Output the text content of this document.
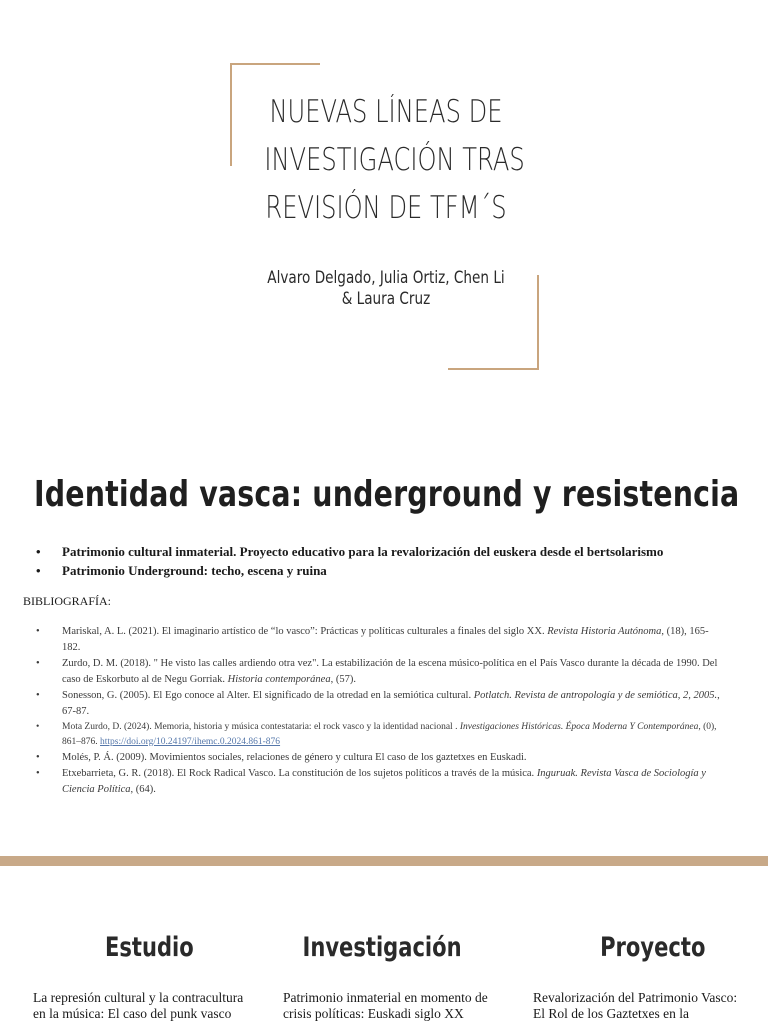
NUEVAS LÍNEAS DE
INVESTIGACIÓN TRAS
REVISIÓN DE TFM´S
Alvaro Delgado, Julia Ortiz, Chen Li
& Laura Cruz
Identidad vasca: underground y resistencia
• Patrimonio cultural inmaterial. Proyecto educativo para la revalorización del euskera desde el bertsolarismo
• Patrimonio Underground: techo, escena y ruina
BIBLIOGRAFÍA:
• Mariskal, A. L. (2021). El imaginario artístico de “lo vasco”: Prácticas y políticas culturales a finales del siglo XX. Revista Historia Autónoma, (18), 165-182.
• Zurdo, D. M. (2018). " He visto las calles ardiendo otra vez". La estabilización de la escena músico-política en el País Vasco durante la década de 1990. Del caso de Eskorbuto al de Negu Gorriak. Historia contemporánea, (57).
• Sonesson, G. (2005). El Ego conoce al Alter. El significado de la otredad en la semiótica cultural. Potlatch. Revista de antropología y de semiótica, 2, 2005., 67-87.
• Mota Zurdo, D. (2024). Memoria, historia y música contestataria: el rock vasco y la identidad nacional . Investigaciones Históricas. Época Moderna Y Contemporánea, (0), 861–876. https://doi.org/10.24197/ihemc.0.2024.861-876
• Molés, P. Á. (2009). Movimientos sociales, relaciones de género y cultura El caso de los gaztetxes en Euskadi.
• Etxebarrieta, G. R. (2018). El Rock Radical Vasco. La constitución de los sujetos políticos a través de la música. Inguruak. Revista Vasca de Sociología y Ciencia Política, (64).
Estudio
La represión cultural y la contracultura
en la música: El caso del punk vasco
Investigación
Patrimonio inmaterial en momento de
crisis políticas: Euskadi siglo XX
Proyecto
Revalorización del Patrimonio Vasco:
El Rol de los Gaztetxes en la
